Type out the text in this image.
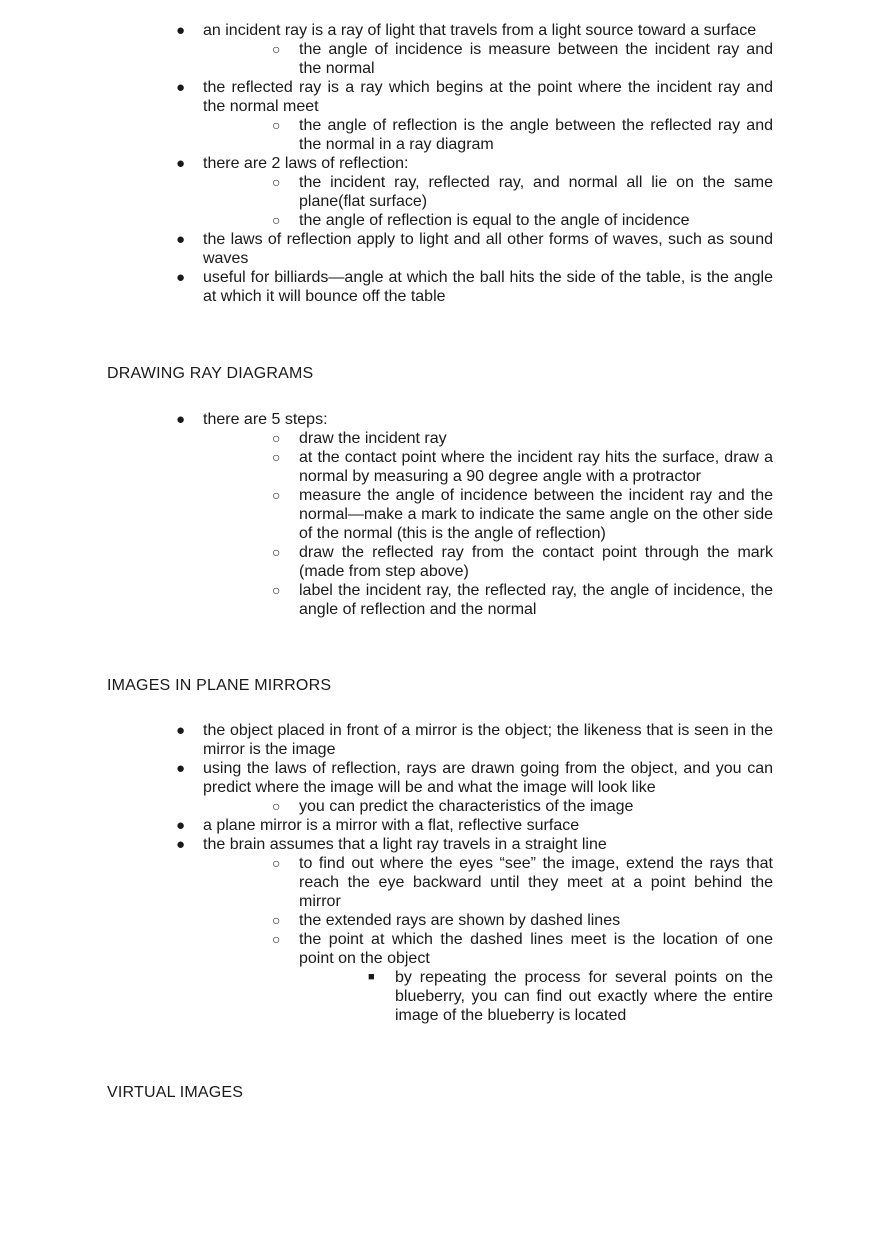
● an incident ray is a ray of light that travels from a light source toward a surface
○ the angle of incidence is measure between the incident ray and the normal
● the reflected ray is a ray which begins at the point where the incident ray and the normal meet
○ the angle of reflection is the angle between the reflected ray and the normal in a ray diagram
● there are 2 laws of reflection:
○ the incident ray, reflected ray, and normal all lie on the same plane(flat surface)
○ the angle of reflection is equal to the angle of incidence
● the laws of reflection apply to light and all other forms of waves, such as sound waves
● useful for billiards—angle at which the ball hits the side of the table, is the angle at which it will bounce off the table
DRAWING RAY DIAGRAMS
● there are 5 steps:
○ draw the incident ray
○ at the contact point where the incident ray hits the surface, draw a normal by measuring a 90 degree angle with a protractor
○ measure the angle of incidence between the incident ray and the normal—make a mark to indicate the same angle on the other side of the normal (this is the angle of reflection)
○ draw the reflected ray from the contact point through the mark (made from step above)
○ label the incident ray, the reflected ray, the angle of incidence, the angle of reflection and the normal
IMAGES IN PLANE MIRRORS
● the object placed in front of a mirror is the object; the likeness that is seen in the mirror is the image
● using the laws of reflection, rays are drawn going from the object, and you can predict where the image will be and what the image will look like
○ you can predict the characteristics of the image
● a plane mirror is a mirror with a flat, reflective surface
● the brain assumes that a light ray travels in a straight line
○ to find out where the eyes “see” the image, extend the rays that reach the eye backward until they meet at a point behind the mirror
○ the extended rays are shown by dashed lines
○ the point at which the dashed lines meet is the location of one point on the object
■ by repeating the process for several points on the blueberry, you can find out exactly where the entire image of the blueberry is located
VIRTUAL IMAGES
